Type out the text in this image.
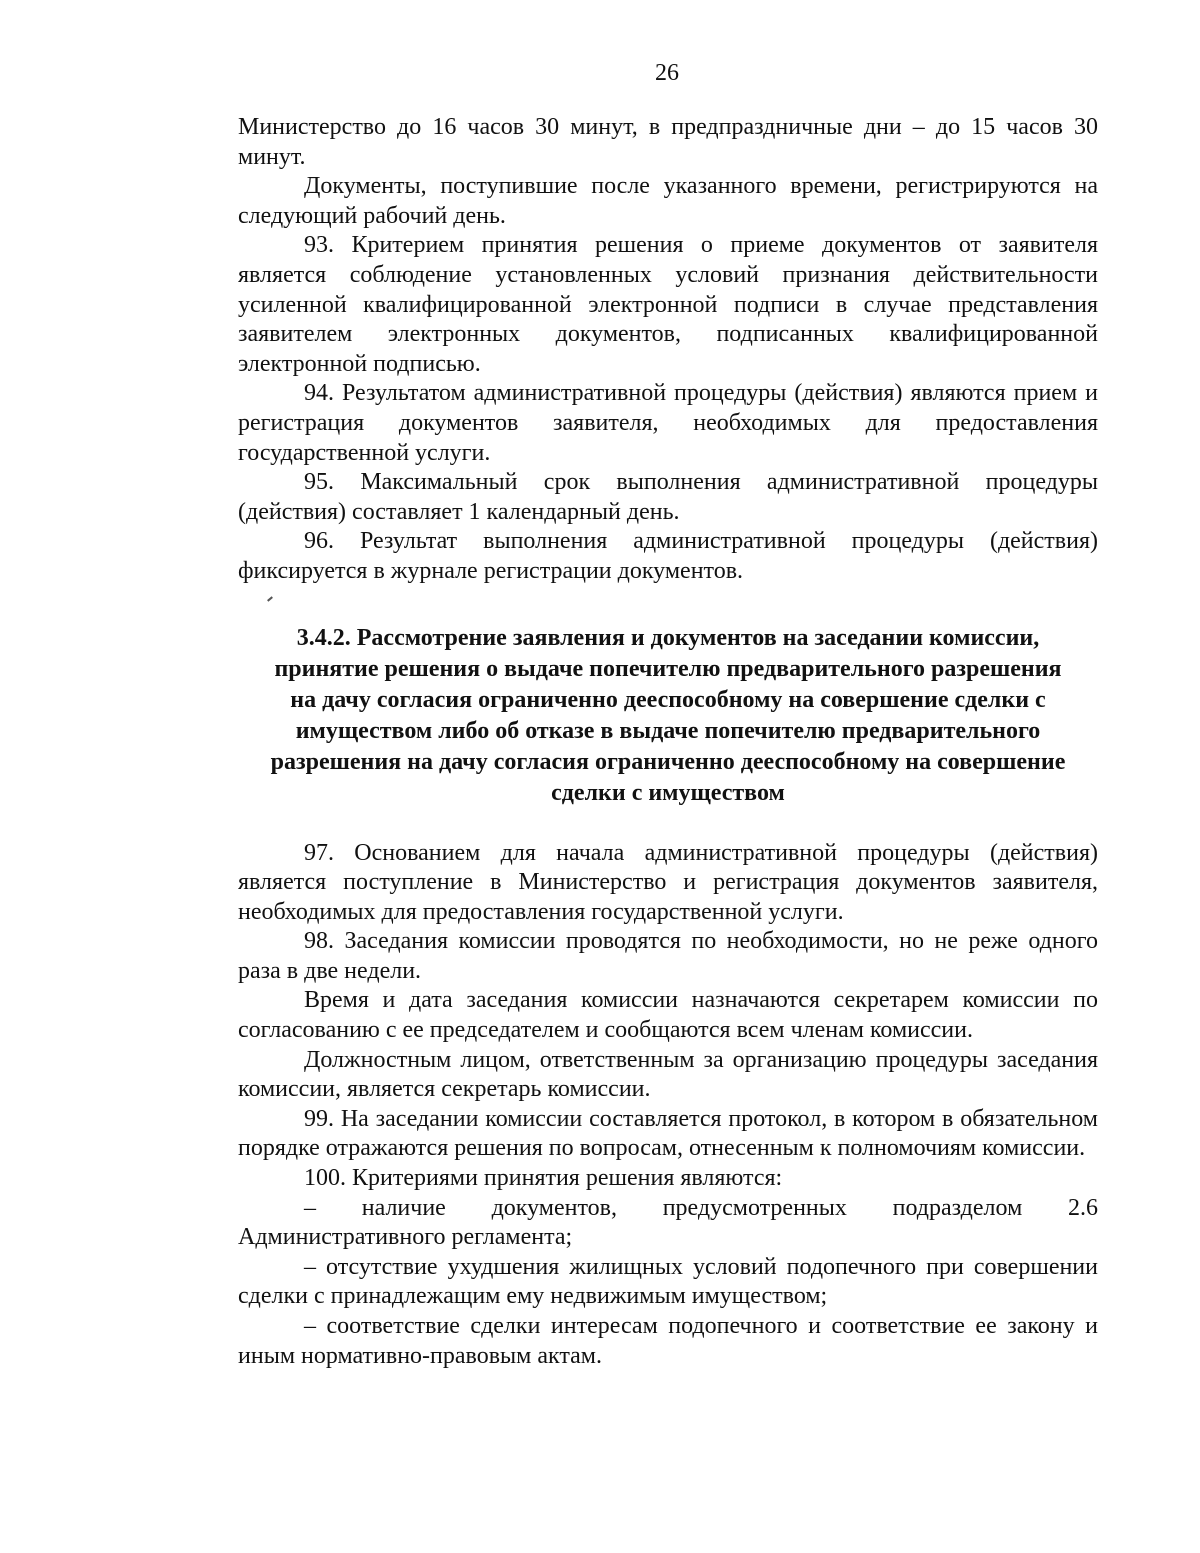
26

Министерство до 16 часов 30 минут, в предпраздничные дни – до 15 часов 30 минут.

Документы, поступившие после указанного времени, регистрируются на следующий рабочий день.

93. Критерием принятия решения о приеме документов от заявителя является соблюдение установленных условий признания действительности усиленной квалифицированной электронной подписи в случае представления заявителем электронных документов, подписанных квалифицированной электронной подписью.

94. Результатом административной процедуры (действия) являются прием и регистрация документов заявителя, необходимых для предоставления государственной услуги.

95. Максимальный срок выполнения административной процедуры (действия) составляет 1 календарный день.

96. Результат выполнения административной процедуры (действия) фиксируется в журнале регистрации документов.

3.4.2. Рассмотрение заявления и документов на заседании комиссии,
принятие решения о выдаче попечителю предварительного разрешения
на дачу согласия ограниченно дееспособному на совершение сделки с
имуществом либо об отказе в выдаче попечителю предварительного
разрешения на дачу согласия ограниченно дееспособному на совершение
сделки с имуществом

97. Основанием для начала административной процедуры (действия) является поступление в Министерство и регистрация документов заявителя, необходимых для предоставления государственной услуги.

98. Заседания комиссии проводятся по необходимости, но не реже одного раза в две недели.

Время и дата заседания комиссии назначаются секретарем комиссии по согласованию с ее председателем и сообщаются всем членам комиссии.

Должностным лицом, ответственным за организацию процедуры заседания комиссии, является секретарь комиссии.

99. На заседании комиссии составляется протокол, в котором в обязательном порядке отражаются решения по вопросам, отнесенным к полномочиям комиссии.

100. Критериями принятия решения являются:

– наличие документов, предусмотренных подразделом 2.6 Административного регламента;

– отсутствие ухудшения жилищных условий подопечного при совершении сделки с принадлежащим ему недвижимым имуществом;

– соответствие сделки интересам подопечного и соответствие ее закону и иным нормативно-правовым актам.
